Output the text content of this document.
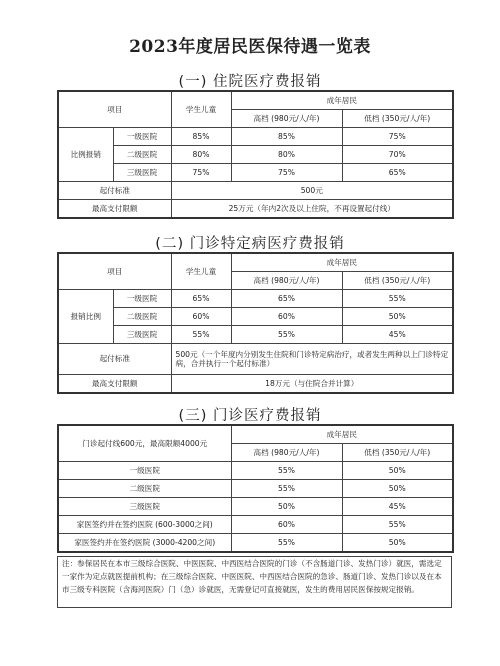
2023年度居民医保待遇一览表
(一) 住院医疗费报销
项目		学生儿童	成年居民	
			高档 (980元/人/年)	低档 (350元/人/年)
比例报销	一级医院	85%	85%	75%
	二级医院	80%	80%	70%
	三级医院	75%	75%	65%
起付标准		500元		
最高支付限额		25万元（年内2次及以上住院，不再设置起付线）		
(二) 门诊特定病医疗费报销
项目		学生儿童	成年居民	
			高档 (980元/人/年)	低档 (350元/人/年)
报销比例	一级医院	65%	65%	55%
	二级医院	60%	60%	50%
	三级医院	55%	55%	45%
起付标准		500元（一个年度内分别发生住院和门诊特定病治疗，或者发生两种以上门诊特定病，合并执行一个起付标准）		
最高支付限额		18万元（与住院合并计算）		
(三) 门诊医疗费报销
门诊起付线600元，最高限额4000元	成年居民	
	高档 (980元/人/年)	低档 (350元/人/年)
一级医院	55%	50%
二级医院	55%	50%
三级医院	50%	45%
家医签约并在签约医院 (600-3000之间)	60%	55%
家医签约并在签约医院 (3000-4200之间)	55%	50%

注：参保居民在本市三级综合医院、中医医院、中西医结合医院的门诊（不含肠道门诊、发热门诊）就医，需选定一家作为定点就医提前机构；在三级综合医院、中医医院、中西医结合医院的急诊、肠道门诊、发热门诊以及在本市三级专科医院（含海河医院）门（急）诊就医，无需登记可直接就医，发生的费用居民医保按规定报销。
